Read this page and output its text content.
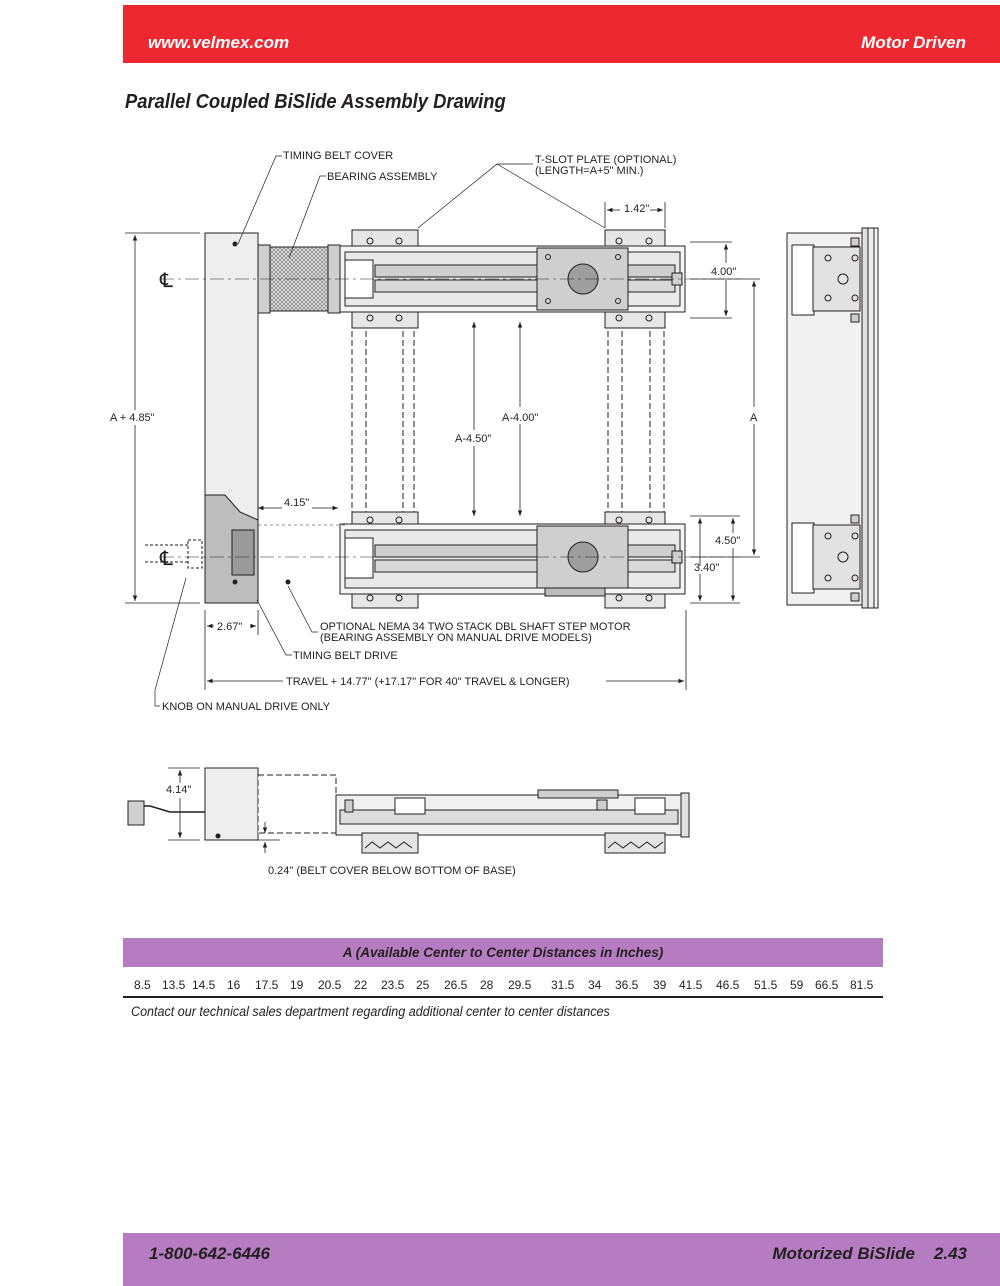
www.velmex.com	Motor Driven
Parallel Coupled BiSlide Assembly Drawing
TIMING BELT COVER
BEARING ASSEMBLY
T-SLOT PLATE (OPTIONAL)
(LENGTH=A+5" MIN.)
1.42"
4.00"
A + 4.85"	A-4.00"
A-4.50"
A
4.15"
4.50"
3.40"
2.67"	OPTIONAL NEMA 34 TWO STACK DBL SHAFT STEP MOTOR
(BEARING ASSEMBLY ON MANUAL DRIVE MODELS)
TIMING BELT DRIVE
TRAVEL + 14.77" (+17.17" FOR 40" TRAVEL & LONGER)
KNOB ON MANUAL DRIVE ONLY
4.14"
0.24" (BELT COVER BELOW BOTTOM OF BASE)
℄
℄
A (Available Center to Center Distances in Inches)
8.5 13.5 14.5 16 17.5 19 20.5 22 23.5 25 26.5 28 29.5 31.5 34 36.5 39 41.5 46.5 51.5 59 66.5 81.5
Contact our technical sales department regarding additional center to center distances
1-800-642-6446	Motorized BiSlide 2.43
